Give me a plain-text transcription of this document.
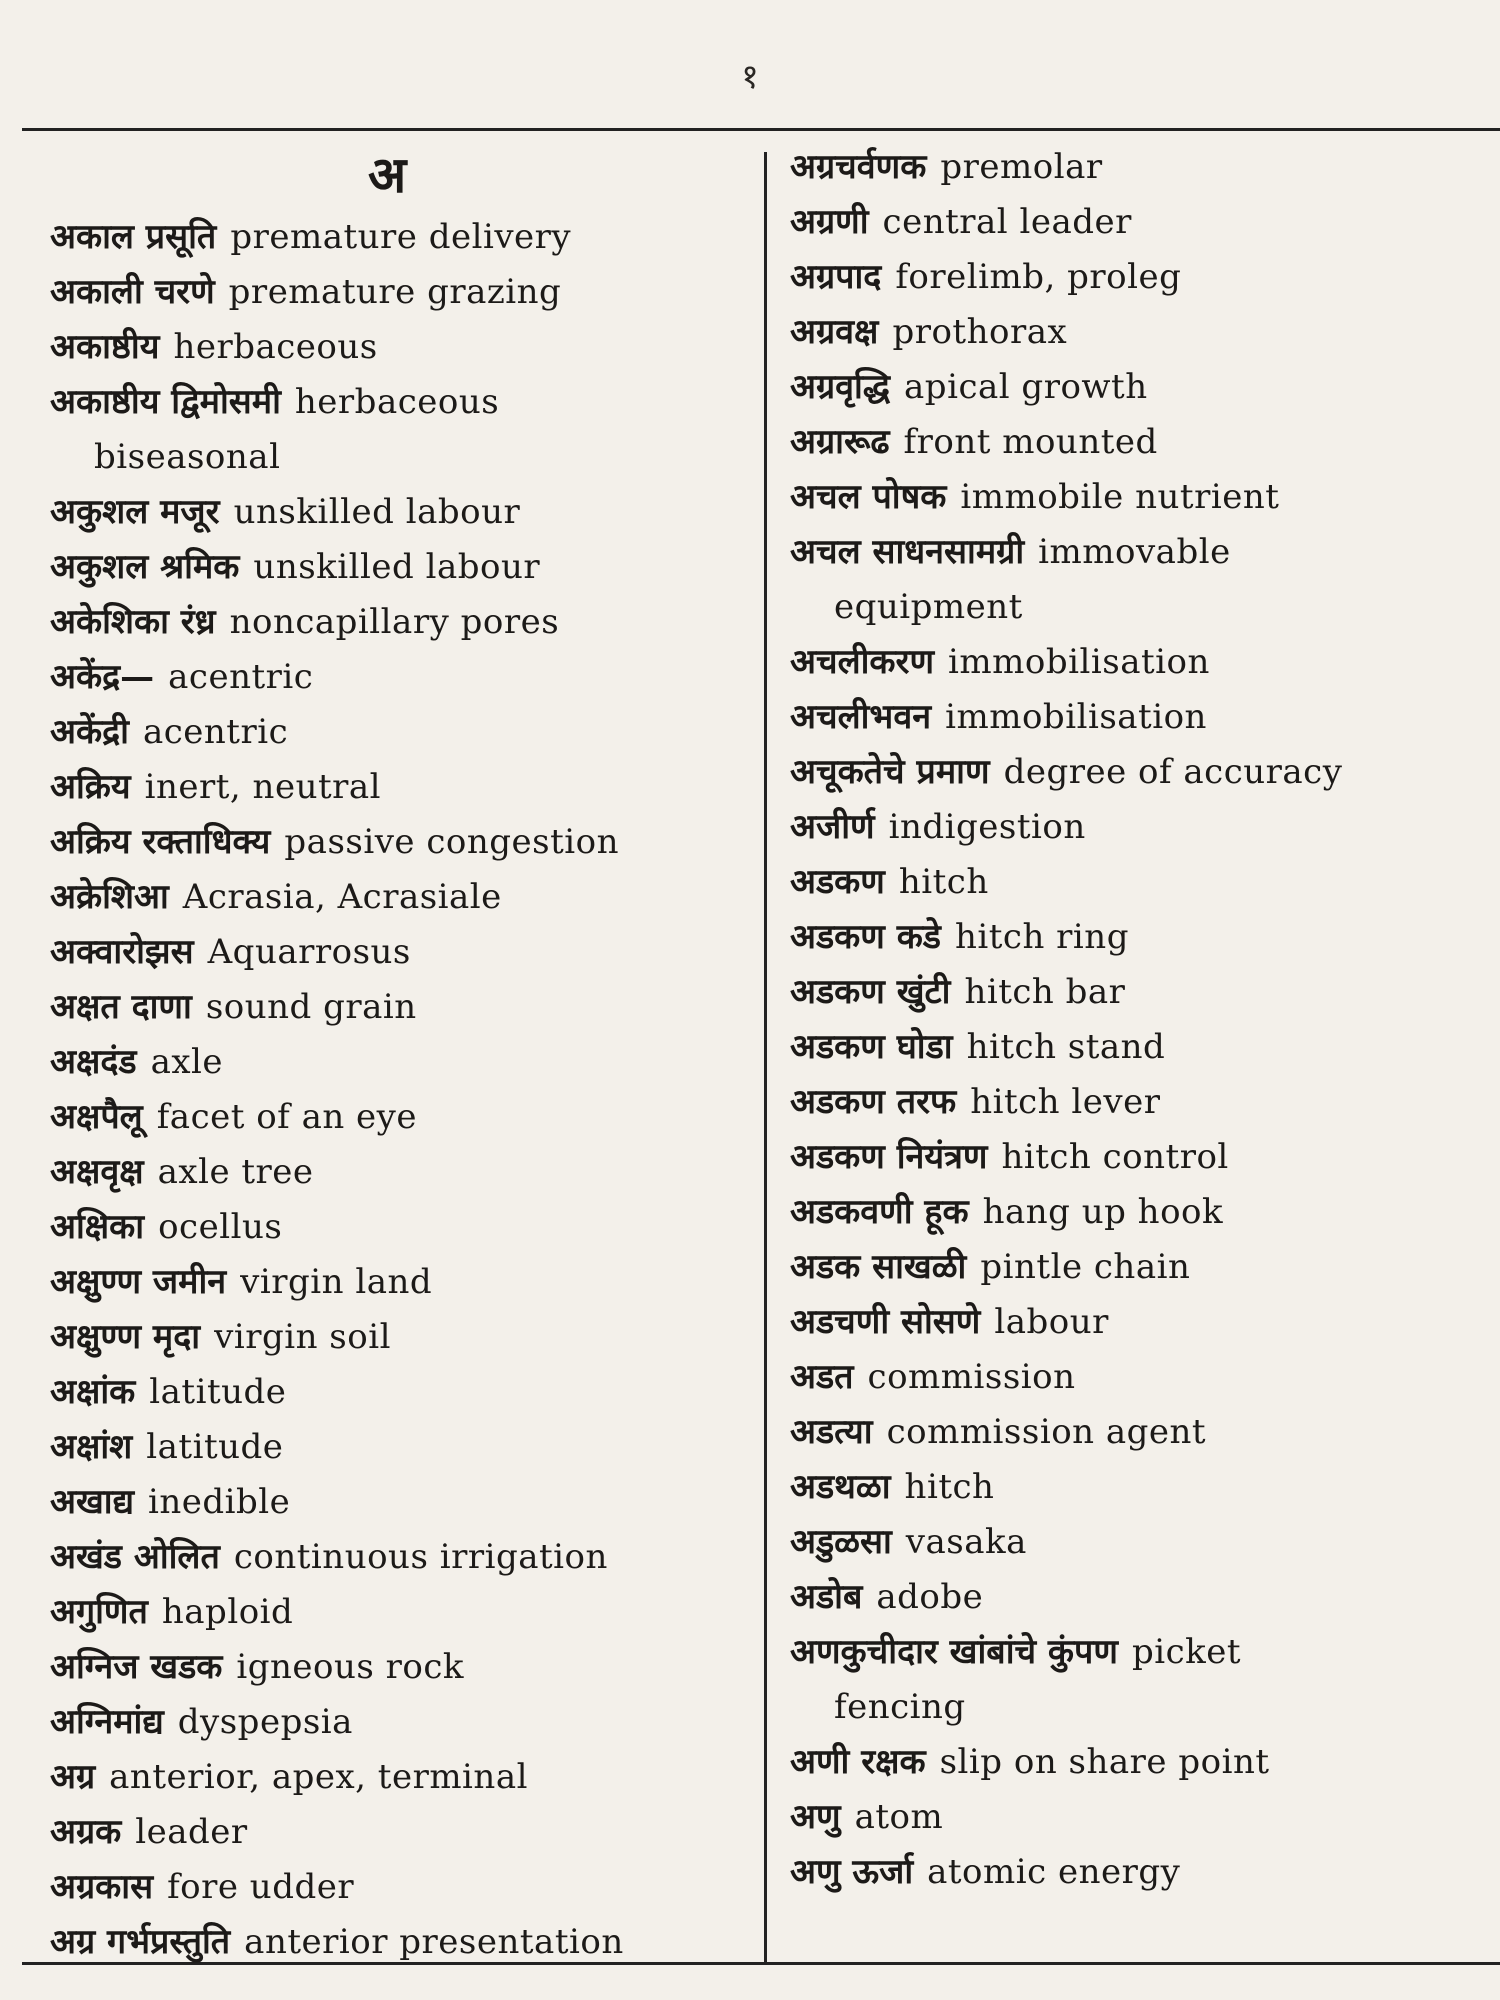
१
अ
अकाल प्रसूति premature delivery
अकाली चरणे premature grazing
अकाष्ठीय herbaceous
अकाष्ठीय द्विमोसमी herbaceous
biseasonal
अकुशल मजूर unskilled labour
अकुशल श्रमिक unskilled labour
अकेशिका रंध्र noncapillary pores
अकेंद्र— acentric
अकेंद्री acentric
अक्रिय inert, neutral
अक्रिय रक्ताधिक्य passive congestion
अक्रेशिआ Acrasia, Acrasiale
अक्वारोझस Aquarrosus
अक्षत दाणा sound grain
अक्षदंड axle
अक्षपैलू facet of an eye
अक्षवृक्ष axle tree
अक्षिका ocellus
अक्षुण्ण जमीन virgin land
अक्षुण्ण मृदा virgin soil
अक्षांक latitude
अक्षांश latitude
अखाद्य inedible
अखंड ओलित continuous irrigation
अगुणित haploid
अग्निज खडक igneous rock
अग्निमांद्य dyspepsia
अग्र anterior, apex, terminal
अग्रक leader
अग्रकास fore udder
अग्र गर्भप्रस्तुति anterior presentation
अग्रचर्वणक premolar
अग्रणी central leader
अग्रपाद forelimb, proleg
अग्रवक्ष prothorax
अग्रवृद्धि apical growth
अग्रारूढ front mounted
अचल पोषक immobile nutrient
अचल साधनसामग्री immovable
equipment
अचलीकरण immobilisation
अचलीभवन immobilisation
अचूकतेचे प्रमाण degree of accuracy
अजीर्ण indigestion
अडकण hitch
अडकण कडे hitch ring
अडकण खुंटी hitch bar
अडकण घोडा hitch stand
अडकण तरफ hitch lever
अडकण नियंत्रण hitch control
अडकवणी हूक hang up hook
अडक साखळी pintle chain
अडचणी सोसणे labour
अडत commission
अडत्या commission agent
अडथळा hitch
अडुळसा vasaka
अडोब adobe
अणकुचीदार खांबांचे कुंपण picket
fencing
अणी रक्षक slip on share point
अणु atom
अणु ऊर्जा atomic energy
